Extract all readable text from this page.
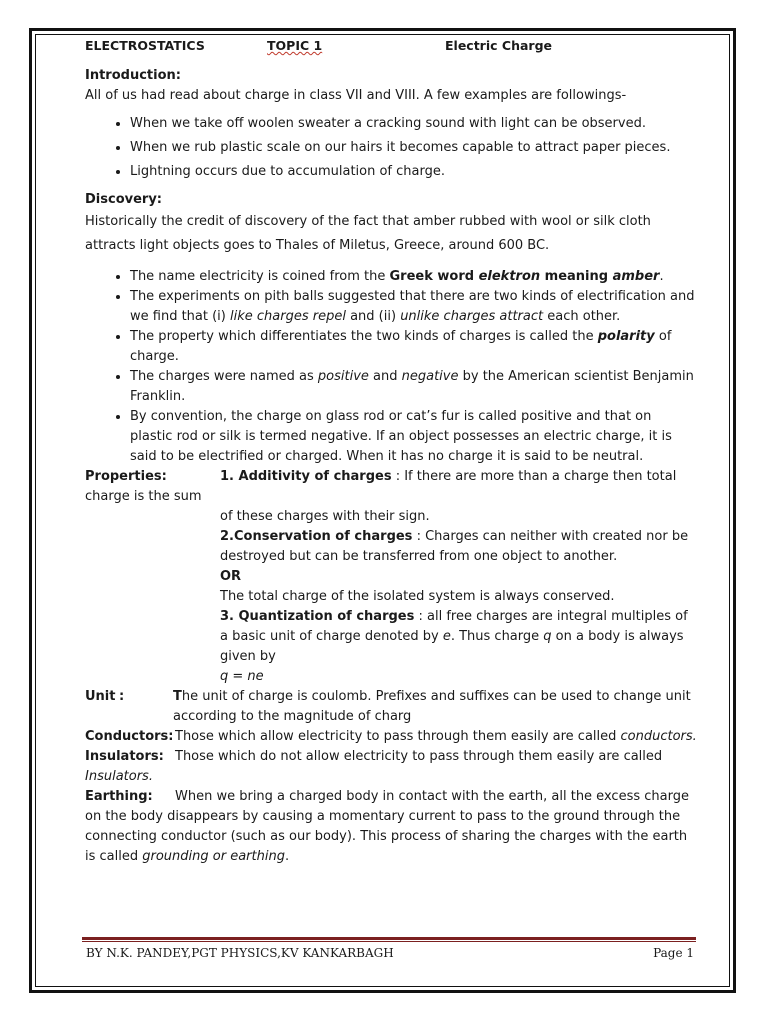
ELECTROSTATICS	TOPIC 1	Electric Charge
Introduction:

All of us had read about charge in class VII and VIII. A few examples are followings-

• When we take off woolen sweater a cracking sound with light can be observed.
• When we rub plastic scale on our hairs it becomes capable to attract paper pieces.
• Lightning occurs due to accumulation of charge.
Discovery:

Historically the credit of discovery of the fact that amber rubbed with wool or silk cloth attracts light objects goes to Thales of Miletus, Greece, around 600 BC.

• The name electricity is coined from the Greek word elektron meaning amber.
• The experiments on pith balls suggested that there are two kinds of electrification and we find that (i) like charges repel and (ii) unlike charges attract each other.
• The property which differentiates the two kinds of charges is called the polarity of charge.
• The charges were named as positive and negative by the American scientist Benjamin Franklin.
• By convention, the charge on glass rod or cat’s fur is called positive and that on plastic rod or silk is termed negative. If an object possesses an electric charge, it is said to be electrified or charged. When it has no charge it is said to be neutral.

Properties:	1. Additivity of charges : If there are more than a charge then total

charge is the sum

of these charges with their sign.

2.Conservation of charges : Charges can neither with created nor be destroyed but can be transferred from one object to another.

OR

The total charge of the isolated system is always conserved.

3. Quantization of charges : all free charges are integral multiples of a basic unit of charge denoted by e. Thus charge q on a body is always given by

q = ne

Unit :	The unit of charge is coulomb. Prefixes and suffixes can be used to change unit according to the magnitude of charg

Conductors: Those which allow electricity to pass through them easily are called conductors.

Insulators: Those which do not allow electricity to pass through them easily are called

Insulators.

Earthing: When we bring a charged body in contact with the earth, all the excess charge on the body disappears by causing a momentary current to pass to the ground through the connecting conductor (such as our body). This process of sharing the charges with the earth is called grounding or earthing.

BY N.K. PANDEY,PGT PHYSICS,KV KANKARBAGH	Page 1
